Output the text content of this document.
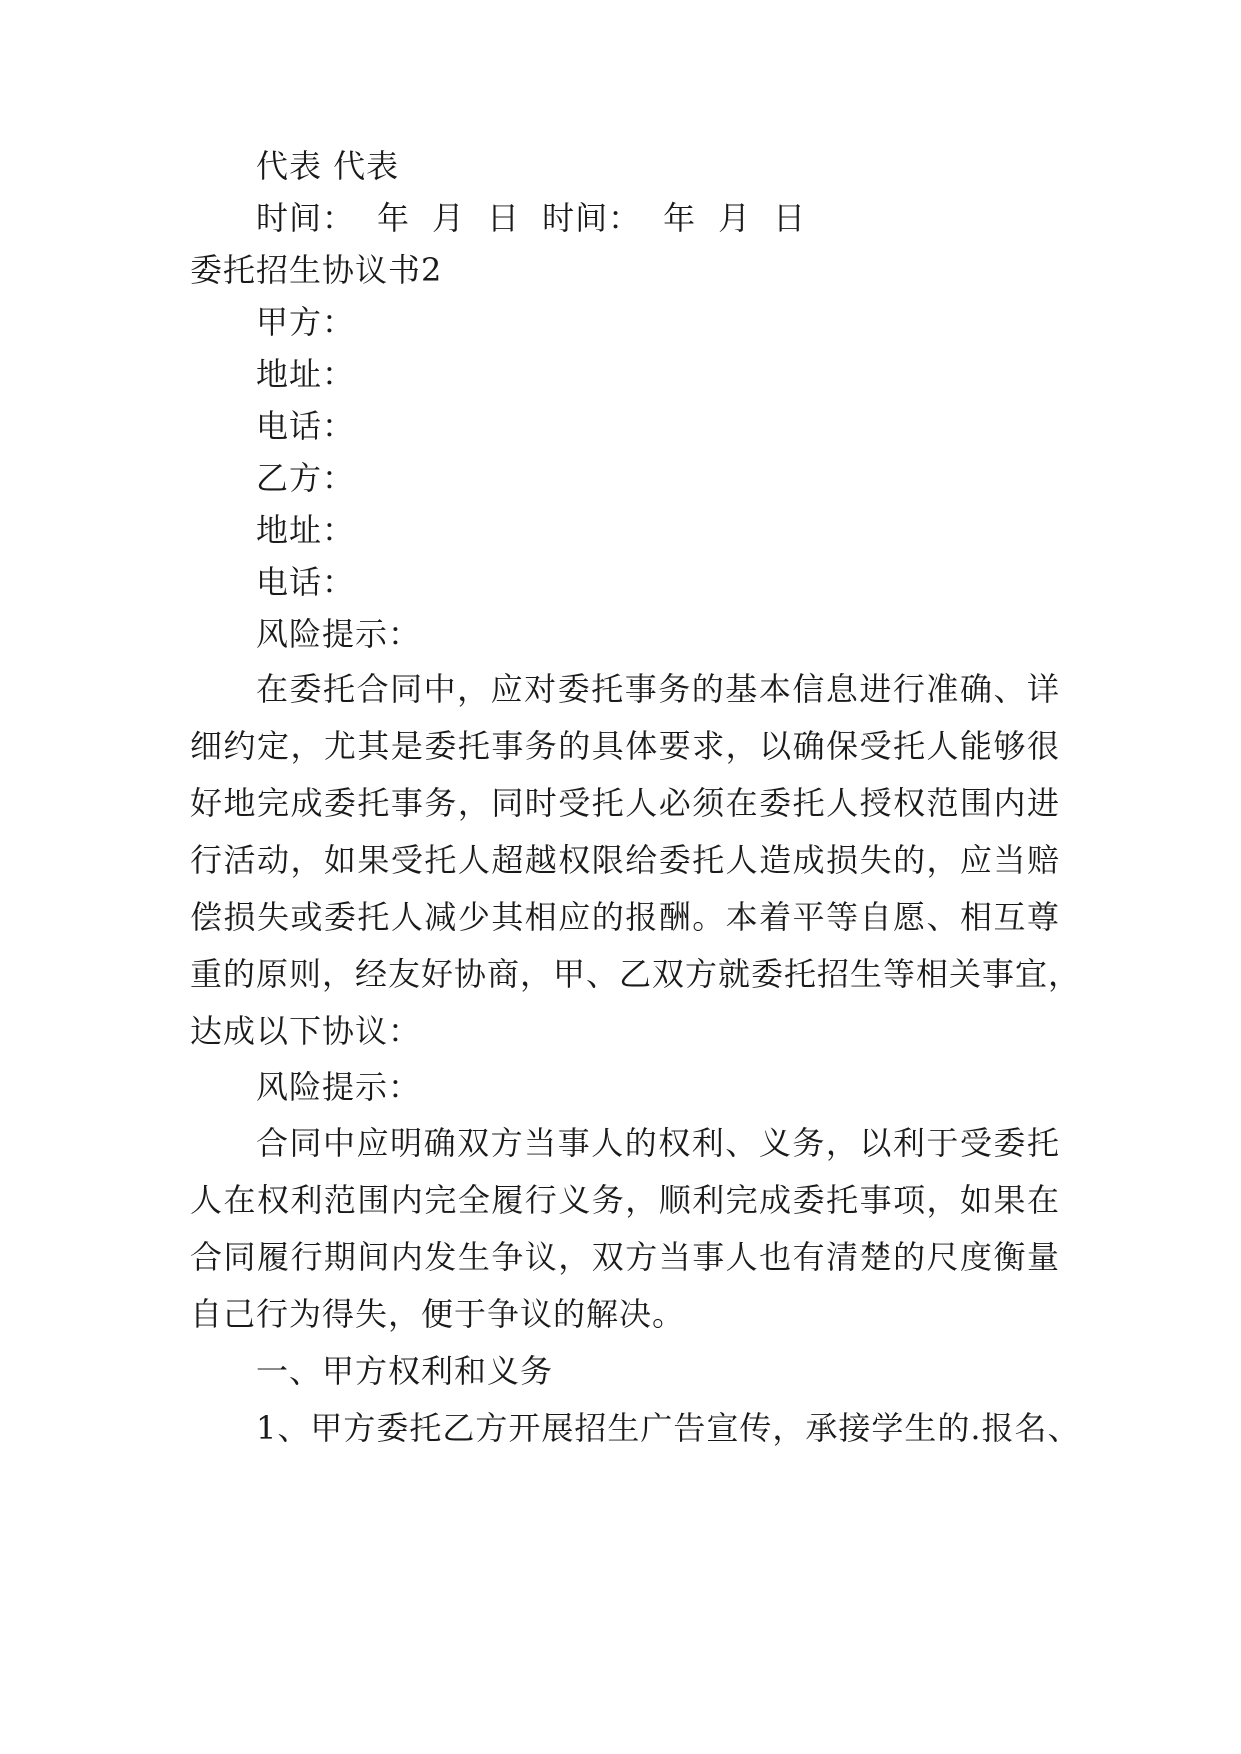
代表 代表
时间： 年 月 日 时间： 年 月 日
委托招生协议书2
甲方：
地址：
电话：
乙方：
地址：
电话：
风险提示：
在委托合同中，应对委托事务的基本信息进行准确、详
细约定，尤其是委托事务的具体要求，以确保受托人能够很
好地完成委托事务，同时受托人必须在委托人授权范围内进
行活动，如果受托人超越权限给委托人造成损失的，应当赔
偿损失或委托人减少其相应的报酬。本着平等自愿、相互尊
重的原则，经友好协商，甲、乙双方就委托招生等相关事宜，
达成以下协议：
风险提示：
合同中应明确双方当事人的权利、义务，以利于受委托
人在权利范围内完全履行义务，顺利完成委托事项，如果在
合同履行期间内发生争议，双方当事人也有清楚的尺度衡量
自己行为得失，便于争议的解决。
一、甲方权利和义务
1、甲方委托乙方开展招生广告宣传，承接学生的.报名、
